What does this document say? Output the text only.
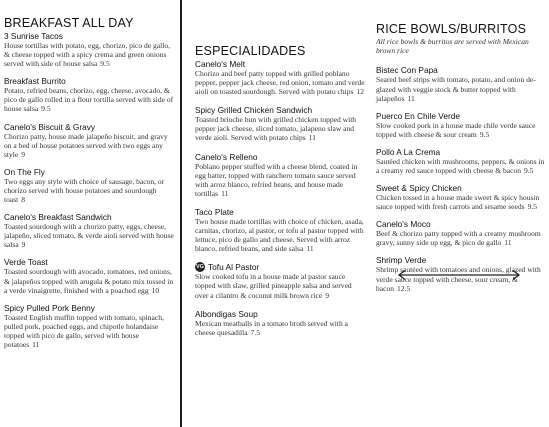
BREAKFAST ALL DAY
3 Sunrise Tacos
House tortillas with potato, egg, chorizo, pico de gallo, & cheese topped with a spicy crema and green onions served with side of house salsa 9.5
Breakfast Burrito
Potato, refried beans, chorizo, egg, cheese, avocado, & pico de gallo rolled in a flour tortilla served with side of house salsa 9.5
Canelo's Biscuit & Gravy
Chorizo patty, house made jalapeño biscuit, and gravy on a bed of house potatoes served with two eggs any style 9
On The Fly
Two eggs any style with choice of sausage, bacon, or chorizo served with house potatoes and sourdough toast 8
Canelo's Breakfast Sandwich
Toasted sourdough with a chorizo patty, eggs, cheese, jalapeño, sliced tomato, & verde aioli served with house salsa 9
Verde Toast
Toasted sourdough with avocado, tomatoes, red onions, & jalapeños topped with arugula & potato mix tossed in a verde vinaigrette, finished with a poached egg 10
Spicy Pulled Pork Benny
Toasted English muffin topped with tomato, spinach, pulled pork, poached eggs, and chipotle holandaise topped with pico de gallo, served with house potatoes 11
ESPECIALIDADES
Canelo's Melt
Chorizo and beef patty topped with grilled poblano pepper, pepper jack cheese, red onion, tomato and verde aioli on toasted sourdough. Served with potato chips 12
Spicy Grilled Chicken Sandwich
Toasted brioche bun with grilled chicken topped with pepper jack cheese, sliced tomato, jalapeno slaw and verde aioli. Served with potato chips 11
Canelo's Relleno
Poblano pepper stuffed with a cheese blend, coated in egg batter, topped with ranchero tomato sauce served with arroz blanco, refried beans, and house made tortillas 11
Taco Plate
Two house made tortillas with choice of chicken, asada, carnitas, chorizo, al pastor, or tofu al pastor topped with lettuce, pico de gallo and cheese. Served with arroz blanco, refried beans, and side salsa 11
VG Tofu Al Pastor
Slow cooked tofu in a house made al pastor sauce topped with slaw, grilled pineapple salsa and served over a cilantro & coconut milk brown rice 9
Albondigas Soup
Mexican meatballs in a tomato broth served with a cheese quesadilla 7.5
RICE BOWLS/BURRITOS
All rice bowls & burritos are served with Mexican brown rice
Bistec Con Papa
Seared beef strips with tomato, potato, and onion de-glazed with veggie stock & butter topped with jalapeños 11
Puerco En Chile Verde
Slow cooked pork in a house made chile verde sauce topped with cheese & sour cream 9.5
Pollo A La Crema
Sautéed chicken with mushrooms, peppers, & onions in a creamy red sauce topped with cheese & bacon 9.5
Sweet & Spicy Chicken
Chicken tossed in a house made sweet & spicy housin sauce topped with fresh carrots and sesame seeds 9.5
Canelo's Moco
Beef & chorizo patty topped with a creamy mushroom gravy, sunny side up egg, & pico de gallo 11
Shrimp Verde
Shrimp sautéed with tomatoes and onions, glazed with verde sauce topped with cheese, sour cream, & bacon 12.5
